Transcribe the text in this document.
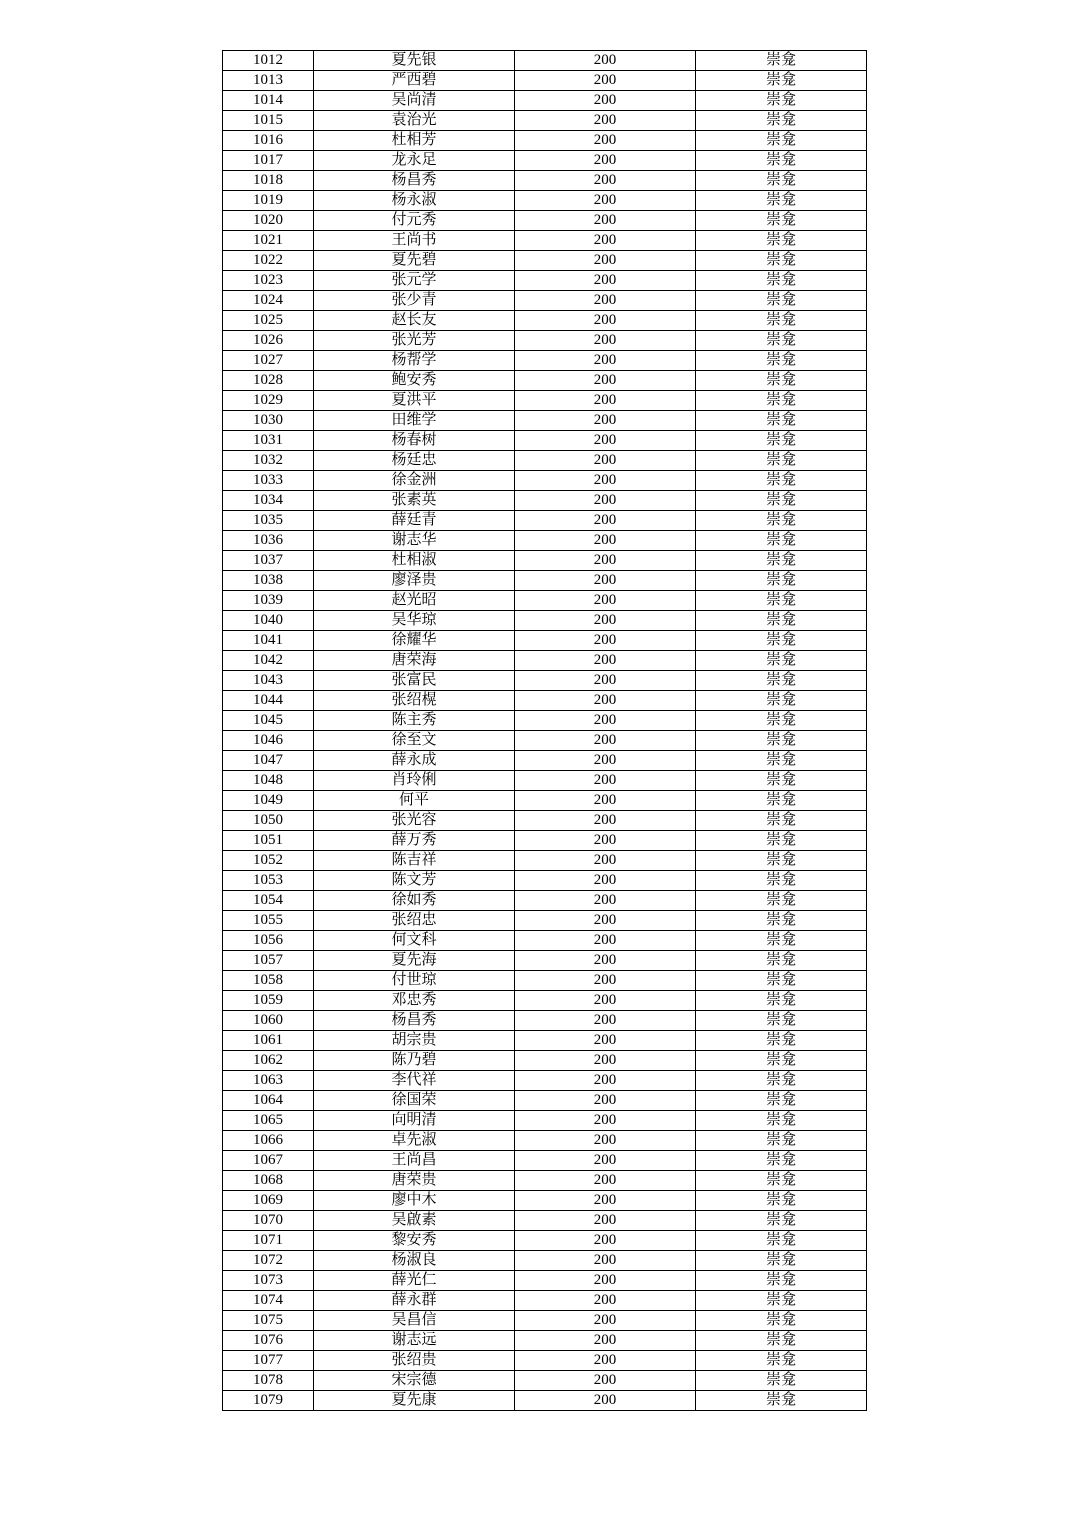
1012	夏先银	200	崇龛
1013	严西碧	200	崇龛
1014	吴尚清	200	崇龛
1015	袁治光	200	崇龛
1016	杜相芳	200	崇龛
1017	龙永足	200	崇龛
1018	杨昌秀	200	崇龛
1019	杨永淑	200	崇龛
1020	付元秀	200	崇龛
1021	王尚书	200	崇龛
1022	夏先碧	200	崇龛
1023	张元学	200	崇龛
1024	张少青	200	崇龛
1025	赵长友	200	崇龛
1026	张光芳	200	崇龛
1027	杨帮学	200	崇龛
1028	鲍安秀	200	崇龛
1029	夏洪平	200	崇龛
1030	田维学	200	崇龛
1031	杨春树	200	崇龛
1032	杨廷忠	200	崇龛
1033	徐金洲	200	崇龛
1034	张素英	200	崇龛
1035	薛廷青	200	崇龛
1036	谢志华	200	崇龛
1037	杜相淑	200	崇龛
1038	廖泽贵	200	崇龛
1039	赵光昭	200	崇龛
1040	吴华琼	200	崇龛
1041	徐耀华	200	崇龛
1042	唐荣海	200	崇龛
1043	张富民	200	崇龛
1044	张绍榥	200	崇龛
1045	陈主秀	200	崇龛
1046	徐至文	200	崇龛
1047	薛永成	200	崇龛
1048	肖玲俐	200	崇龛
1049	何平	200	崇龛
1050	张光容	200	崇龛
1051	薛万秀	200	崇龛
1052	陈吉祥	200	崇龛
1053	陈文芳	200	崇龛
1054	徐如秀	200	崇龛
1055	张绍忠	200	崇龛
1056	何文科	200	崇龛
1057	夏先海	200	崇龛
1058	付世琼	200	崇龛
1059	邓忠秀	200	崇龛
1060	杨昌秀	200	崇龛
1061	胡宗贵	200	崇龛
1062	陈乃碧	200	崇龛
1063	李代祥	200	崇龛
1064	徐国荣	200	崇龛
1065	向明清	200	崇龛
1066	卓先淑	200	崇龛
1067	王尚昌	200	崇龛
1068	唐荣贵	200	崇龛
1069	廖中木	200	崇龛
1070	吴啟素	200	崇龛
1071	黎安秀	200	崇龛
1072	杨淑良	200	崇龛
1073	薛光仁	200	崇龛
1074	薛永群	200	崇龛
1075	吴昌信	200	崇龛
1076	谢志远	200	崇龛
1077	张绍贵	200	崇龛
1078	宋宗德	200	崇龛
1079	夏先康	200	崇龛
